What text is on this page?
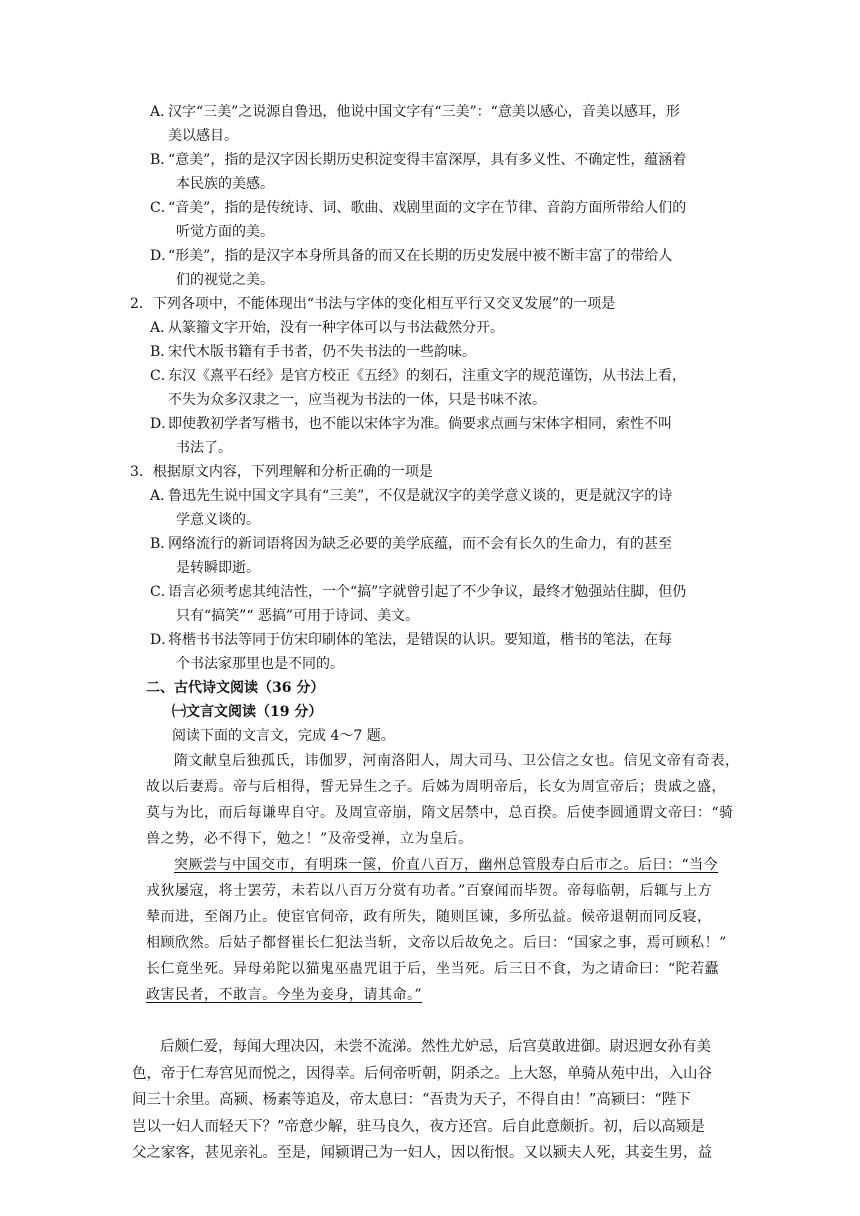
A．
汉字“三美”之说源自鲁迅，他说中国文字有“三美”：“意美以感心，音美以感耳，形
美以感目。
B．
“意美”，指的是汉字因长期历史积淀变得丰富深厚，具有多义性、不确定性，蕴涵着
本民族的美感。
C．
“音美”，指的是传统诗、词、歌曲、戏剧里面的文字在节律、音韵方面所带给人们的
听觉方面的美。
D．
“形美”，指的是汉字本身所具备的而又在长期的历史发展中被不断丰富了的带给人
们的视觉之美。
2．下列各项中，不能体现出“书法与字体的变化相互平行又交叉发展”的一项是
A．
从篆籀文字开始，没有一种字体可以与书法截然分开。
B．
宋代木版书籍有手书者，仍不失书法的一些韵味。
C．
东汉《熹平石经》是官方校正《五经》的刻石，注重文字的规范谨饬，从书法上看，
不失为众多汉隶之一，应当视为书法的一体，只是书味不浓。
D．
即使教初学者写楷书，也不能以宋体字为准。倘要求点画与宋体字相同，索性不叫
书法了。
3．根据原文内容，下列理解和分析正确的一项是
A．
鲁迅先生说中国文字具有“三美”，不仅是就汉字的美学意义谈的，更是就汉字的诗
学意义谈的。
B．
网络流行的新词语将因为缺乏必要的美学底蕴，而不会有长久的生命力，有的甚至
是转瞬即逝。
C．
语言必须考虑其纯洁性，一个“搞”字就曾引起了不少争议，最终才勉强站住脚，但仍
只有“搞笑”“ 恶搞”可用于诗词、美文。
D．
将楷书书法等同于仿宋印刷体的笔法，是错误的认识。要知道，楷书的笔法，在每
个书法家那里也是不同的。
二、古代诗文阅读（36 分）
㈠文言文阅读（19 分）
阅读下面的文言文，完成 4～7 题。
隋文献皇后独孤氏，讳伽罗，河南洛阳人，周大司马、卫公信之女也。信见文帝有奇表，
故以后妻焉。帝与后相得，誓无异生之子。后姊为周明帝后，长女为周宣帝后；贵戚之盛，
莫与为比，而后每谦卑自守。及周宣帝崩，隋文居禁中，总百揆。后使李圆通谓文帝曰：“骑
兽之势，必不得下，勉之！”及帝受禅，立为皇后。
突厥尝与中国交市，有明珠一箧，价直八百万，幽州总管殷寿白后市之。后曰：“当今
戎狄屡寇，将士罢劳，未若以八百万分赏有功者。”百寮闻而毕贺。帝每临朝，后辄与上方
辇而进，至阁乃止。使宦官伺帝，政有所失，随则匡谏，多所弘益。候帝退朝而同反寝，
相顾欣然。后姑子都督崔长仁犯法当斩，文帝以后故免之。后曰：“国家之事，焉可顾私！”
长仁竟坐死。异母弟陀以猫鬼巫蛊咒诅于后，坐当死。后三日不食，为之请命曰：“陀若蠹
政害民者，不敢言。今坐为妾身，请其命。”
后颇仁爱，每闻大理决囚，未尝不流涕。然性尤妒忌，后宫莫敢进御。尉迟迥女孙有美
色，帝于仁寿宫见而悦之，因得幸。后伺帝听朝，阴杀之。上大怒，单骑从苑中出，入山谷
间三十余里。高颍、杨素等追及，帝太息曰：“吾贵为天子，不得自由！”高颍曰：“陛下
岂以一妇人而轻天下？”帝意少解，驻马良久，夜方还宫。后自此意颇折。初，后以高颎是
父之家客，甚见亲礼。至是，闻颍谓己为一妇人，因以衔恨。又以颍夫人死，其妾生男，益
